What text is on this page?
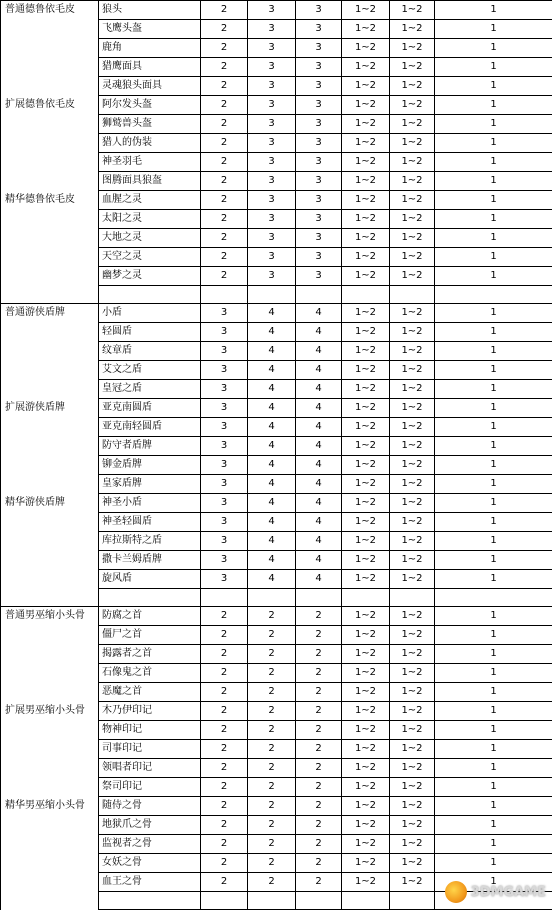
普通德鲁依毛皮	狼头	2	3	3	1~2	1~2	1
	飞鹰头盔	2	3	3	1~2	1~2	1
	鹿角	2	3	3	1~2	1~2	1
	猎鹰面具	2	3	3	1~2	1~2	1
	灵魂狼头面具	2	3	3	1~2	1~2	1
扩展德鲁依毛皮	阿尔发头盔	2	3	3	1~2	1~2	1
	狮鹫兽头盔	2	3	3	1~2	1~2	1
	猎人的伪装	2	3	3	1~2	1~2	1
	神圣羽毛	2	3	3	1~2	1~2	1
	图腾面具狼盔	2	3	3	1~2	1~2	1
精华德鲁依毛皮	血腥之灵	2	3	3	1~2	1~2	1
	太阳之灵	2	3	3	1~2	1~2	1
	大地之灵	2	3	3	1~2	1~2	1
	天空之灵	2	3	3	1~2	1~2	1
	幽梦之灵	2	3	3	1~2	1~2	1

普通游侠盾牌	小盾	3	4	4	1~2	1~2	1
	轻圆盾	3	4	4	1~2	1~2	1
	纹章盾	3	4	4	1~2	1~2	1
	艾文之盾	3	4	4	1~2	1~2	1
	皇冠之盾	3	4	4	1~2	1~2	1
扩展游侠盾牌	亚克南圆盾	3	4	4	1~2	1~2	1
	亚克南轻圆盾	3	4	4	1~2	1~2	1
	防守者盾牌	3	4	4	1~2	1~2	1
	铆金盾牌	3	4	4	1~2	1~2	1
	皇家盾牌	3	4	4	1~2	1~2	1
精华游侠盾牌	神圣小盾	3	4	4	1~2	1~2	1
	神圣轻圆盾	3	4	4	1~2	1~2	1
	库拉斯特之盾	3	4	4	1~2	1~2	1
	撒卡兰姆盾牌	3	4	4	1~2	1~2	1
	旋风盾	3	4	4	1~2	1~2	1

普通男巫缩小头骨	防腐之首	2	2	2	1~2	1~2	1
	僵尸之首	2	2	2	1~2	1~2	1
	揭露者之首	2	2	2	1~2	1~2	1
	石像鬼之首	2	2	2	1~2	1~2	1
	恶魔之首	2	2	2	1~2	1~2	1
扩展男巫缩小头骨	木乃伊印记	2	2	2	1~2	1~2	1
	物神印记	2	2	2	1~2	1~2	1
	司事印记	2	2	2	1~2	1~2	1
	领唱者印记	2	2	2	1~2	1~2	1
	祭司印记	2	2	2	1~2	1~2	1
精华男巫缩小头骨	随侍之骨	2	2	2	1~2	1~2	1
	地狱爪之骨	2	2	2	1~2	1~2	1
	监视者之骨	2	2	2	1~2	1~2	1
	女妖之骨	2	2	2	1~2	1~2	1
	血王之骨	2	2	2	1~2	1~2	1

3DMGAME
